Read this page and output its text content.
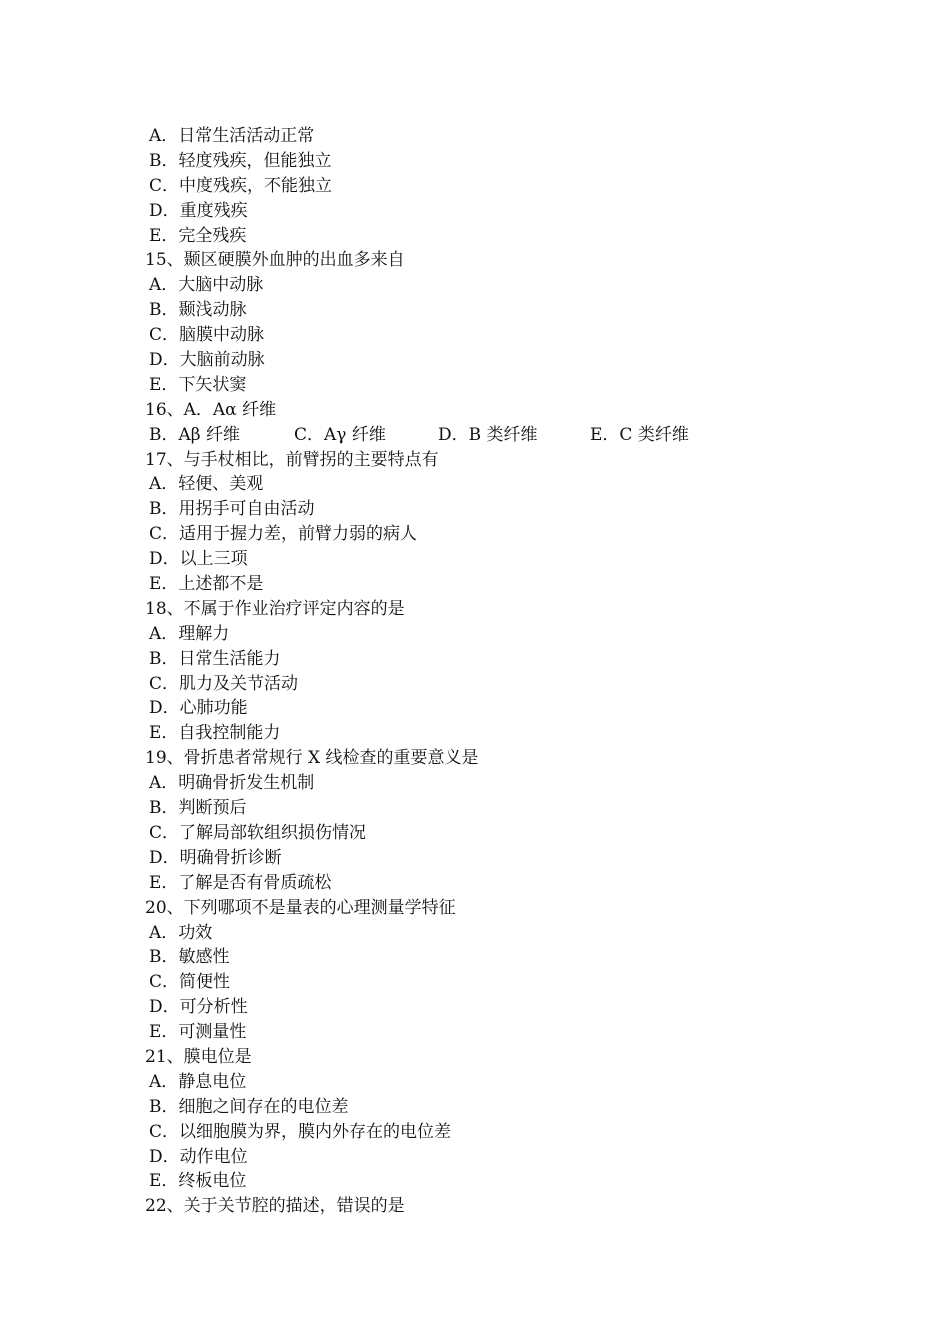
A．日常生活活动正常
B．轻度残疾，但能独立
C．中度残疾，不能独立
D．重度残疾
E．完全残疾
15、颞区硬膜外血肿的出血多来自
A．大脑中动脉
B．颞浅动脉
C．脑膜中动脉
D．大脑前动脉
E．下矢状窦
16、A．Aα 纤维
B．Aβ 纤维	C．Aγ 纤维	D．B 类纤维	E．C 类纤维
17、与手杖相比，前臂拐的主要特点有
A．轻便、美观
B．用拐手可自由活动
C．适用于握力差，前臂力弱的病人
D．以上三项
E．上述都不是
18、不属于作业治疗评定内容的是
A．理解力
B．日常生活能力
C．肌力及关节活动
D．心肺功能
E．自我控制能力
19、骨折患者常规行 X 线检查的重要意义是
A．明确骨折发生机制
B．判断预后
C．了解局部软组织损伤情况
D．明确骨折诊断
E．了解是否有骨质疏松
20、下列哪项不是量表的心理测量学特征
A．功效
B．敏感性
C．简便性
D．可分析性
E．可测量性
21、膜电位是
A．静息电位
B．细胞之间存在的电位差
C．以细胞膜为界，膜内外存在的电位差
D．动作电位
E．终板电位
22、关于关节腔的描述，错误的是
